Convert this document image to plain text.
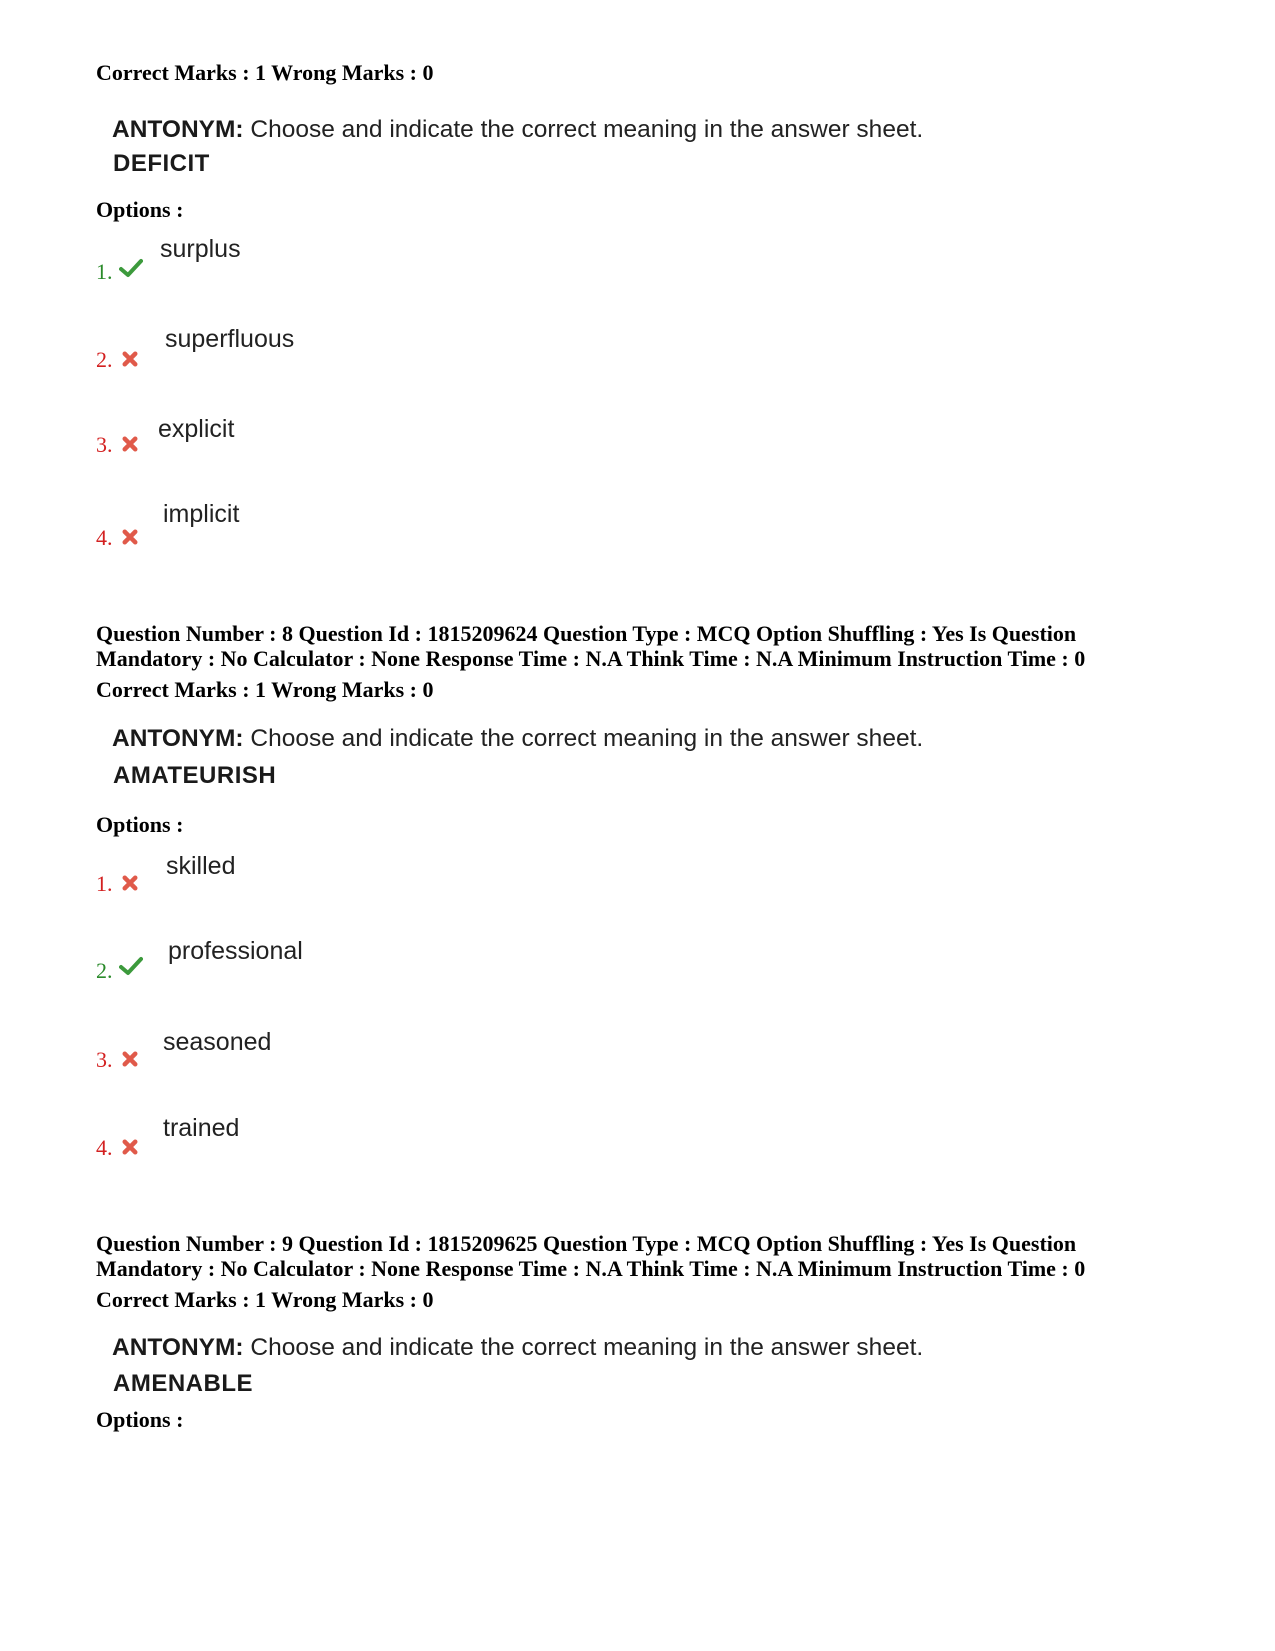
Correct Marks : 1 Wrong Marks : 0
ANTONYM: Choose and indicate the correct meaning in the answer sheet.
DEFICIT
Options :
1.
surplus
2.
superfluous
3.
explicit
4.
implicit
Question Number : 8 Question Id : 1815209624 Question Type : MCQ Option Shuffling : Yes Is Question
Mandatory : No Calculator : None Response Time : N.A Think Time : N.A Minimum Instruction Time : 0
Correct Marks : 1 Wrong Marks : 0
ANTONYM: Choose and indicate the correct meaning in the answer sheet.
AMATEURISH
Options :
1.
skilled
2.
professional
3.
seasoned
4.
trained
Question Number : 9 Question Id : 1815209625 Question Type : MCQ Option Shuffling : Yes Is Question
Mandatory : No Calculator : None Response Time : N.A Think Time : N.A Minimum Instruction Time : 0
Correct Marks : 1 Wrong Marks : 0
ANTONYM: Choose and indicate the correct meaning in the answer sheet.
AMENABLE
Options :
